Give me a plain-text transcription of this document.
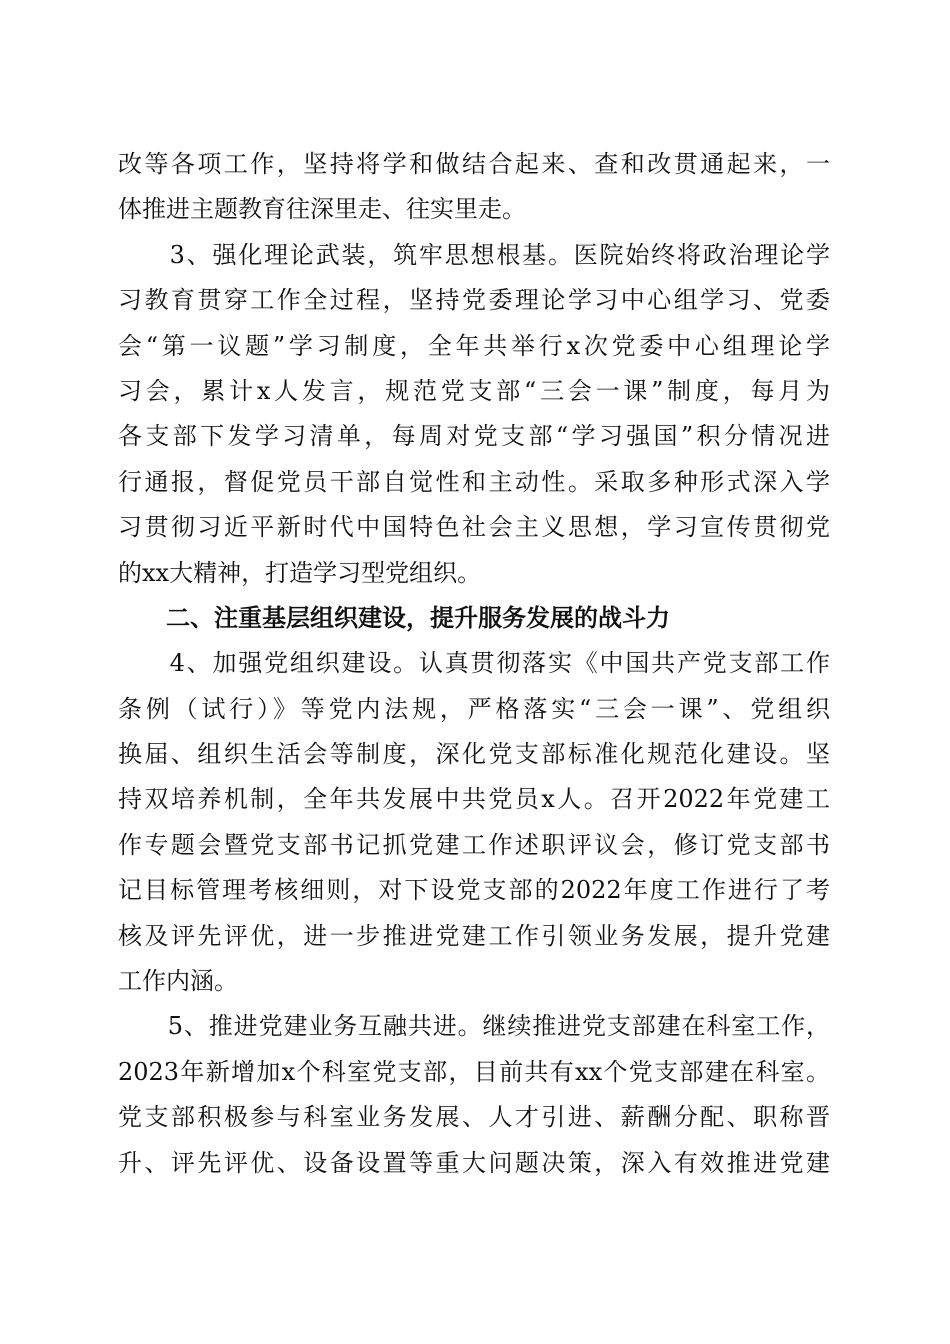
改等各项工作，坚持将学和做结合起来、查和改贯通起来，一
体推进主题教育往深里走、往实里走。
　　3、强化理论武装，筑牢思想根基。医院始终将政治理论学
习教育贯穿工作全过程，坚持党委理论学习中心组学习、党委
会“第一议题”学习制度，全年共举行x次党委中心组理论学
习会，累计x人发言，规范党支部“三会一课”制度，每月为
各支部下发学习清单，每周对党支部“学习强国”积分情况进
行通报，督促党员干部自觉性和主动性。采取多种形式深入学
习贯彻习近平新时代中国特色社会主义思想，学习宣传贯彻党
的xx大精神，打造学习型党组织。
　　二、注重基层组织建设，提升服务发展的战斗力
　　4、加强党组织建设。认真贯彻落实《中国共产党支部工作
条例（试行）》等党内法规，严格落实“三会一课”、党组织
换届、组织生活会等制度，深化党支部标准化规范化建设。坚
持双培养机制，全年共发展中共党员x人。召开2022年党建工
作专题会暨党支部书记抓党建工作述职评议会，修订党支部书
记目标管理考核细则，对下设党支部的2022年度工作进行了考
核及评先评优，进一步推进党建工作引领业务发展，提升党建
工作内涵。
　　5、推进党建业务互融共进。继续推进党支部建在科室工作，
2023年新增加x个科室党支部，目前共有xx个党支部建在科室。
党支部积极参与科室业务发展、人才引进、薪酬分配、职称晋
升、评先评优、设备设置等重大问题决策，深入有效推进党建
